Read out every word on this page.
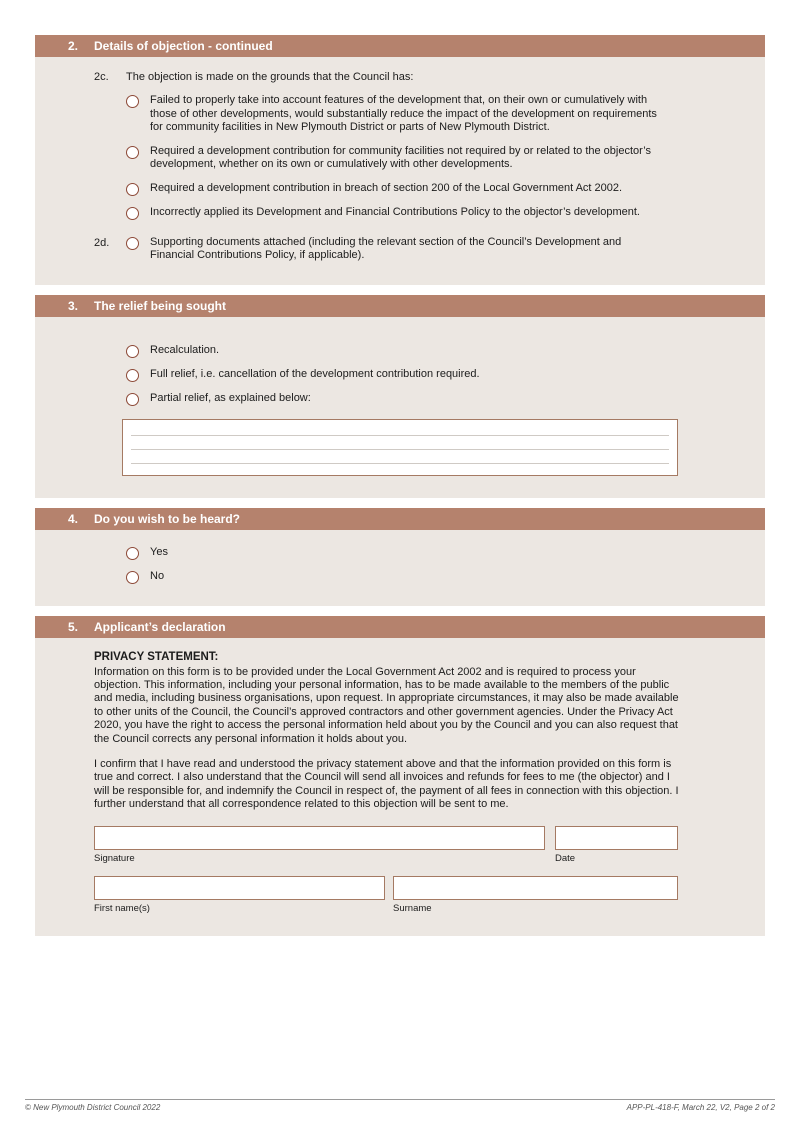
2.	Details of objection - continued
2c.	The objection is made on the grounds that the Council has:
Failed to properly take into account features of the development that, on their own or cumulatively with those of other developments, would substantially reduce the impact of the development on requirements for community facilities in New Plymouth District or parts of New Plymouth District.
Required a development contribution for community facilities not required by or related to the objector’s development, whether on its own or cumulatively with other developments.
Required a development contribution in breach of section 200 of the Local Government Act 2002.
Incorrectly applied its Development and Financial Contributions Policy to the objector’s development.
2d.	Supporting documents attached (including the relevant section of the Council’s Development and Financial Contributions Policy, if applicable).
3.	The relief being sought
Recalculation.
Full relief, i.e. cancellation of the development contribution required.
Partial relief, as explained below:
4.	Do you wish to be heard?
Yes
No
5.	Applicant’s declaration
PRIVACY STATEMENT:
Information on this form is to be provided under the Local Government Act 2002 and is required to process your objection. This information, including your personal information, has to be made available to the members of the public and media, including business organisations, upon request. In appropriate circumstances, it may also be made available to other units of the Council, the Council’s approved contractors and other government agencies. Under the Privacy Act 2020, you have the right to access the personal information held about you by the Council and you can also request that the Council corrects any personal information it holds about you.
I confirm that I have read and understood the privacy statement above and that the information provided on this form is true and correct. I also understand that the Council will send all invoices and refunds for fees to me (the objector) and I will be responsible for, and indemnify the Council in respect of, the payment of all fees in connection with this objection. I further understand that all correspondence related to this objection will be sent to me.
Signature	Date
First name(s)	Surname
© New Plymouth District Council 2022	APP-PL-418-F, March 22, V2, Page 2 of 2
